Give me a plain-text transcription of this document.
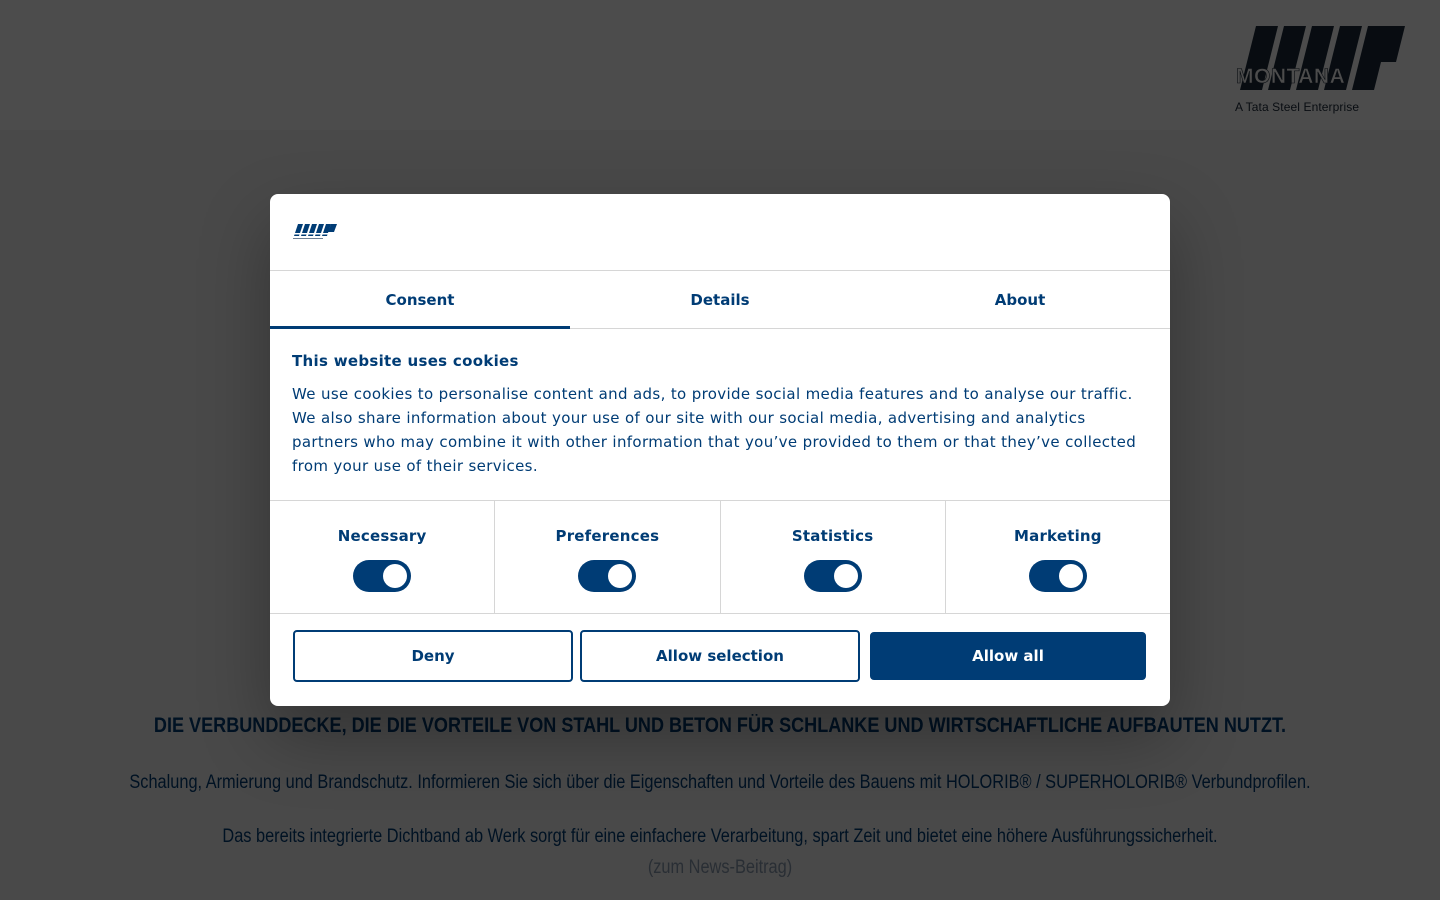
Consent	Details	About
This website uses cookies

We use cookies to personalise content and ads, to provide social media features and to analyse our traffic. We also share information about your use of our site with our social media, advertising and analytics partners who may combine it with other information that you’ve provided to them or that they’ve collected from your use of their services.

Necessary	Preferences	Statistics	Marketing
Deny	Allow selection	Allow all
